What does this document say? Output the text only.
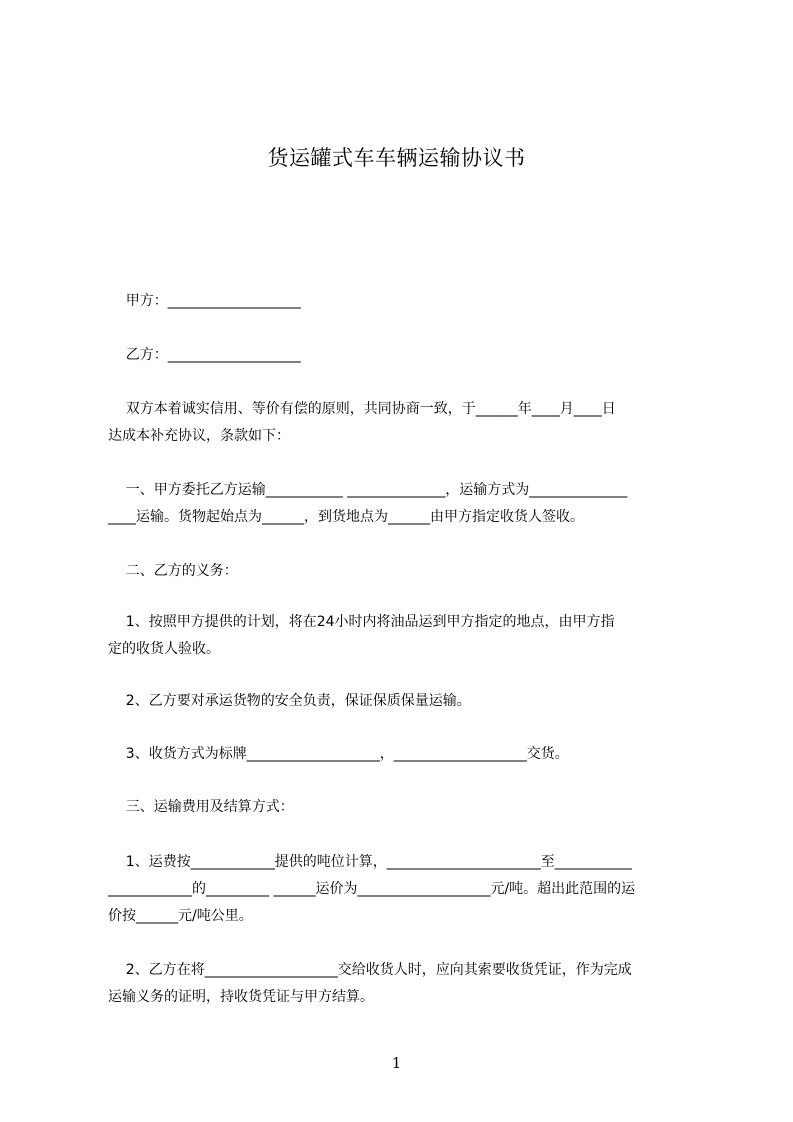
货运罐式车车辆运输协议书
甲方：___________________
乙方：___________________
双方本着诚实信用、等价有偿的原则，共同协商一致，于______年____月____日
达成本补充协议，条款如下：
一、甲方委托乙方运输___________ ______________，运输方式为______________
____运输。货物起始点为______，到货地点为______由甲方指定收货人签收。
二、乙方的义务：
1、按照甲方提供的计划，将在24小时内将油品运到甲方指定的地点，由甲方指
定的收货人验收。
2、乙方要对承运货物的安全负责，保证保质保量运输。
3、收货方式为标牌___________________，___________________交货。
三、运输费用及结算方式：
1、运费按____________提供的吨位计算，______________________至___________
____________的_________ ______运价为___________________元/吨。超出此范围的运
价按______元/吨公里。
2、乙方在将___________________交给收货人时，应向其索要收货凭证，作为完成
运输义务的证明，持收货凭证与甲方结算。
1
